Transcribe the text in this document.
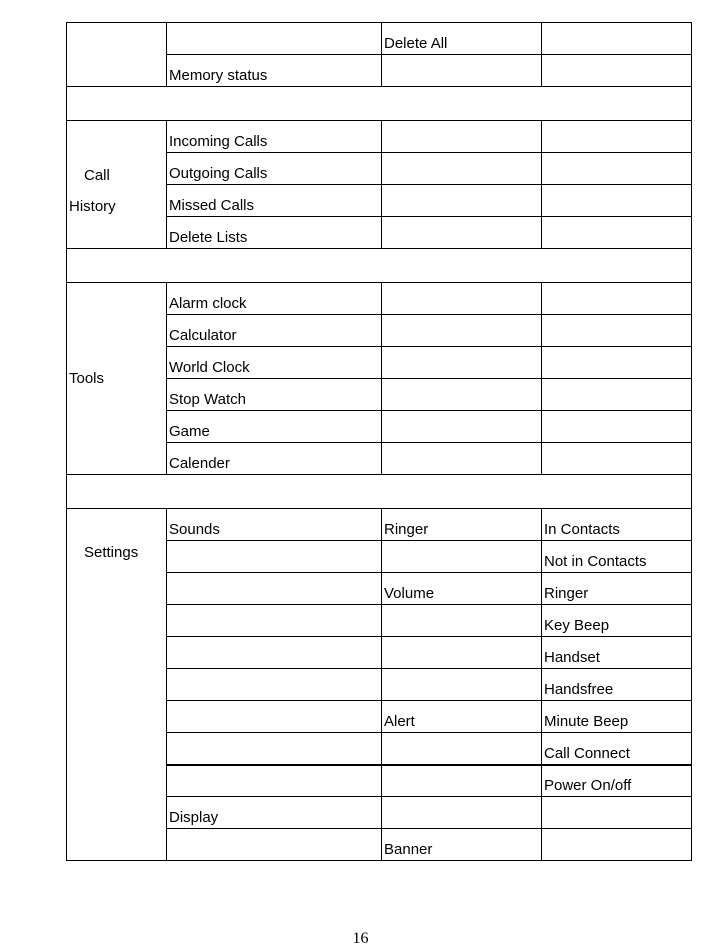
		Delete All	
	Memory status		

Call
History	Incoming Calls		
	Outgoing Calls		
	Missed Calls		
	Delete Lists		

Tools	Alarm clock		
	Calculator		
	World Clock		
	Stop Watch		
	Game		
	Calender		

Settings	Sounds	Ringer	In Contacts
			Not in Contacts
		Volume	Ringer
			Key Beep
			Handset
			Handsfree
		Alert	Minute Beep
			Call Connect
			Power On/off
	Display		
		Banner	
16
